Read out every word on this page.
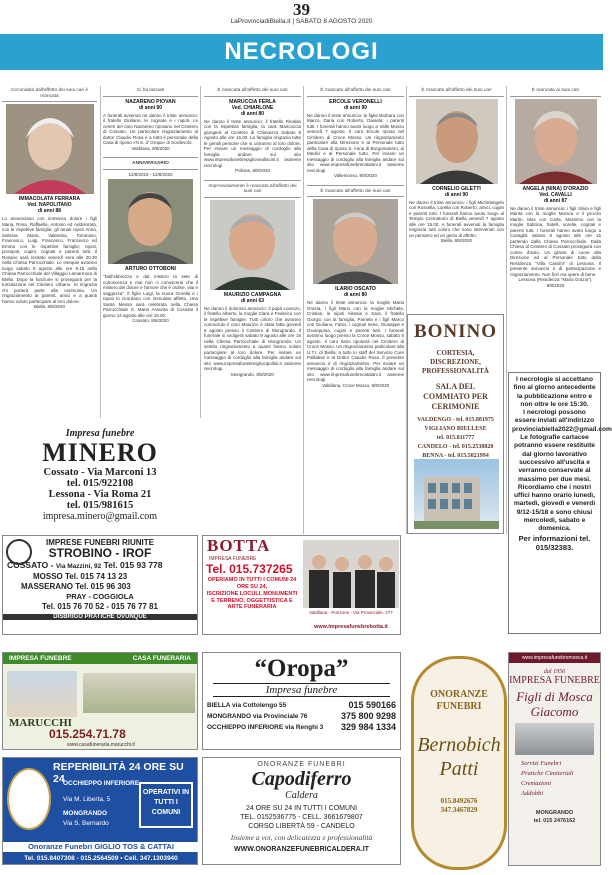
39
LaProvinciadiBiella.it | SABATO 8 AGOSTO 2020
NECROLOGI
Circondata dall'affetto dei suoi cari è mancata
IMMACOLATA FERRARA
Ved. NAPOLITANO
di anni 88
Lo annunciano con immenso dolore i figli Maria, Rosa, Raffaella, Antonio ed Addolorata, con le rispettive famiglie; gli amati nipoti Anna, Sabrina, Maria, Valentina, Tommaso, Francesco, Luigi, Francesco, Francesco ed Emma con le rispettive famiglie; nipoti, pronipoti, cugini, cognati e parenti tutti. Il Rosario sarà recitato venerdì sera alle 20.30 nella Chiesa Parrocchiale. Le esequie avranno luogo sabato 8 agosto alle ore 9.15 nella Chiesa Parrocchiale del Villaggio Lamarmora di Biella. Dopo la funzione si proseguirà per la tumulazione nel Cimitero Urbano. Si ringrazia chi porterà parte alla cerimonia. Un ringraziamento ai parenti, amici e a quanti hanno voluto partecipare al loro dolore.
Biella, 8/8/2020
Ci ha lasciati
NAZARENO PIOVAN
di anni 90
A funerali avvenuti ne danno il triste annuncio: il fratello Giuliano, le cognate e i nipoti. Le ceneri del caro Nazareno riposano nel Cimitero di Cossato. Un particolare ringraziamento al dottor Claudio Rosa e a tutto il personale della Casa di riposo «N.S. d' Oropa» di Sordevolo.
Valdilana, 8/8/2020
ANNIVERSARIO
12/8/2019 - 12/8/2020
ARTURO OTTOBONI
"Dall'ebbrezza e dal mistero la sete di conoscenza e mai non ci conoscerai che il mistero del dolore e l'amore che è ordine, vita e saggezza". Il figlio Luigi, la nuora Ornella e i nipoti lo ricordano con immutato affetto. Una Santa Messa sarà celebrata nella Chiesa Parrocchiale S. Maria Assunta di Cossato il giorno 14 agosto alle ore 18.00.
Cossato, 8/8/2020
È mancata all'affetto dei suoi cari
MARUCCIA FERLA
Ved. CHIARLONE
di anni 80
Ne danno il triste annuncio: il fratello Rinaldo con la rispettiva famiglia, la cara Maricuccia giungerà al Cimitero di Chiavazza Sabato 8 Agosto alle ore 16.00. La famiglia ringrazia tutte le gentili persone che si uniranno al loro dolore. Per inviare un messaggio di cordoglio alla famiglia andare sul sito www.impresafunebrepiglioneallacini.it assieme necrologi.
Pollone, 8/8/2020
Improvvisamente è mancato all'affetto dei suoi cari
MAURIZIO CAMPAGNA
di anni 63
Ne danno il doloroso annuncio: il papà Lorenzo, il fratello Alberto, la moglie Clara e Federico con le rispettive famiglie. Tutti coloro che avranno conosciuto il caro Maurizio è stata fatta giovedì 6 agosto presso il Cimitero di Mongrando. Il funerale si svolgerà sabato 8 agosto alle ore 16 nella Chiesa Parrocchiale di Mongrando. Un sentito ringraziamento a quanti hanno voluto partecipare al loro dolore. Per inviare un messaggio di cordoglio alla famiglia andare sul sito www.impresafunebreigliocipollini.it assieme necrologi.
Mongrando, 8/8/2020
È mancato all'affetto dei suoi cari
ERCOLE VERONELLI
di anni 90
Ne danno il triste annuncio: le figlie Barbara con Marco, Daria con Roberto, Daniela; i parenti tutti. I funerali hanno avuto luogo a Valle Mosso venerdì 7 agosto. Il caro Ercole riposa nel Cimitero di Croce Mosso. Un ringraziamento particolare alla Direzione e al Personale tutto della Casa di riposo S. Anna di Borgomanero, ai Medici e al Personale tutto. Per inviare un messaggio di cordoglio alla famiglia andare sul sito www.impresafunebrecatalani.it assieme necrologi.
Vallemosso, 8/8/2020
È mancato all'affetto dei suoi cari
ILARIO OSCATO
di anni 80
Ne danno il triste annuncio: la moglie Maria Grazia, i figli Mario con la moglie Michela, Cristian, le nipoti Alessia e Sara, il fratello Giorgio con la famiglia, Pamela e i figli Marco con Giuliano, Fabio, i cognati Irene, Giuseppe e Giuseppina, cugini e parenti tutti. I funerali avranno luogo presso la Croce Mosso, sabato 8 agosto. Il caro Ilario riposerà nel Cimitero di Croce Mosso. Un ringraziamento particolare alla U.T.I. di Biella, a tutto lo staff del Servizio Cure Palliative e al Dottor Claudio Rosa. Il presente annuncio è di ringraziamento. Per inviare un messaggio di cordoglio alla famiglia andare sul sito www.impresafunebrecatalani.it assieme necrologi.
Valdilana, Croce Mosso, 8/8/2020
È mancato all'affetto dei suoi cari
CORNELIO GILETTI
di anni 90
Ne danno il triste annuncio: i figli Michelangelo con Rossella, Lorella con Roberto; amici, cugini e parenti tutti. I funerali hanno avuto luogo al Tempio Crematorio di Biella venerdì 7 agosto alle ore 15.00. A funerali avvenuti la famiglia ringrazia tutti coloro che sono intervenuti con un pensiero ed un gesto di affetto.
Biella, 8/8/2020
È mancata ai suoi cari
ANGELA (NINA) D'ORAZIO
Ved. CAVALLI
di anni 87
Ne danno il triste annuncio: i figli Silvia e figli Marita con la moglie Monica e il piccolo Martin, Max con Carla, Massimo con la moglie Sabrina, fratelli, sorelle, cognati e parenti tutti. I funerali hanno avuto luogo a Cavaglià sabato 8 agosto alle ore 15 partendo dalla Chiesa Parrocchiale. Dalla Chiesa al Cimitero di Cossato proseguirà con corteo d'auto. Un grazie di cuore alla Direzione ed al Personale tutto della Residenza "Villa Cassini" di Lessona. Il presente annuncio è di partecipazione e ringraziamento. Non fiori ma opere di bene.
Lessona (Residenza "Maria Grazia"), 8/8/2020
Impresa funebre
MINERO
Cossato - Via Marconi 13
tel. 015/922108
Lessona - Via Roma 21
tel. 015/981615
impresa.minero@gmail.com
IMPRESE FUNEBRI RIUNITE
STROBINO - IROF
COSSATO - Via Mazzini, 92 Tel. 015 93 778
MOSSO Tel. 015 74 13 23
MASSERANO Tel. 015 96 303
PRAY - COGGIOLA
Tel. 015 76 70 52 - 015 76 77 81
DISBRIGO PRATICHE OVUNQUE
BOTTA
IMPRESA FUNEBRE
Tel. 015.737265
OPERIAMO IN TUTTI I COMUNI 24 ORE SU 24,
ISCRIZIONE LOCULI, MONUMENTI E TERRENO, OGGETTISTICA E ARTE FUNERARIA
Valdilana - Ponzone - Via Provinciale, 277
www.impresafunebrebotta.it
BONINO
CORTESIA, DISCREZIONE, PROFESSIONALITÀ
SALA DEL COMMIATO PER CERIMONIE
VALDENGO - tel. 015.881975
VIGLIANO BIELLESE
tel. 015.811777
CANDELO - tel. 015.2538820
BENNA - tel. 015.5821994
I necrologie si accettano fino al giorno antecedente la pubblicazione entro e non oltre le ore 15:30.
I necrologi possono essere inviati all'indirizzo provinciabiella2022@gmail.com
Le fotografie cartacee potranno essere restituite dal giorno lavorativo successivo all'uscita e verranno conservate al massimo per due mesi. Ricordiamo che i nostri uffici hanno orario lunedì, martedì, giovedì e venerdì 9/12-15/18 e sono chiusi mercoledì, sabato e domenica.
Per informazioni tel. 015/32383.
IMPRESA FUNEBRE	CASA FUNERARIA
MARUCCHI
015.254.71.78
www.casafuneraria.marucchi.it
“Oropa”
Impresa funebre
BIELLA via Cottolengo 55	015 590166
MONGRANDO via Provinciale 76	375 800 9298
OCCHIEPPO INFERIORE via Renghi 3 329 984 1334
ONORANZE FUNEBRI
Bernobich Patti
015.8492676 347.3467829
www.impresafunebremosca.it
dal 1956
IMPRESA FUNEBRE
Figli di Mosca Giacomo
Servizi Funebri
Pratiche Cimiteriali
Cremazioni
Addobbi
MONGRANDO
tel. 015 2476162
REPERIBILITÀ 24 ORE SU 24
OCCHIEPPO INFERIORE
Via M. Liberta, 5
MONGRANDO
Via S. Bernardo
OPERATIVI IN TUTTI I COMUNI
Onoranze Funebri GIGLIO TOS & CATTAI
Tel. 015.8407308 - 015.2564509 • Cell. 347.1303940
ONORANZE FUNEBRI
Capodiferro
Caldera
24 ORE SU 24 IN TUTTI I COMUNI
TEL. 0152536775 - CELL. 3661679807
CORSO LIBERTÀ 59 - CANDELO
Insieme a voi, con delicatezza e professionalità
WWW.ONORANZEFUNEBRICALDERA.IT
